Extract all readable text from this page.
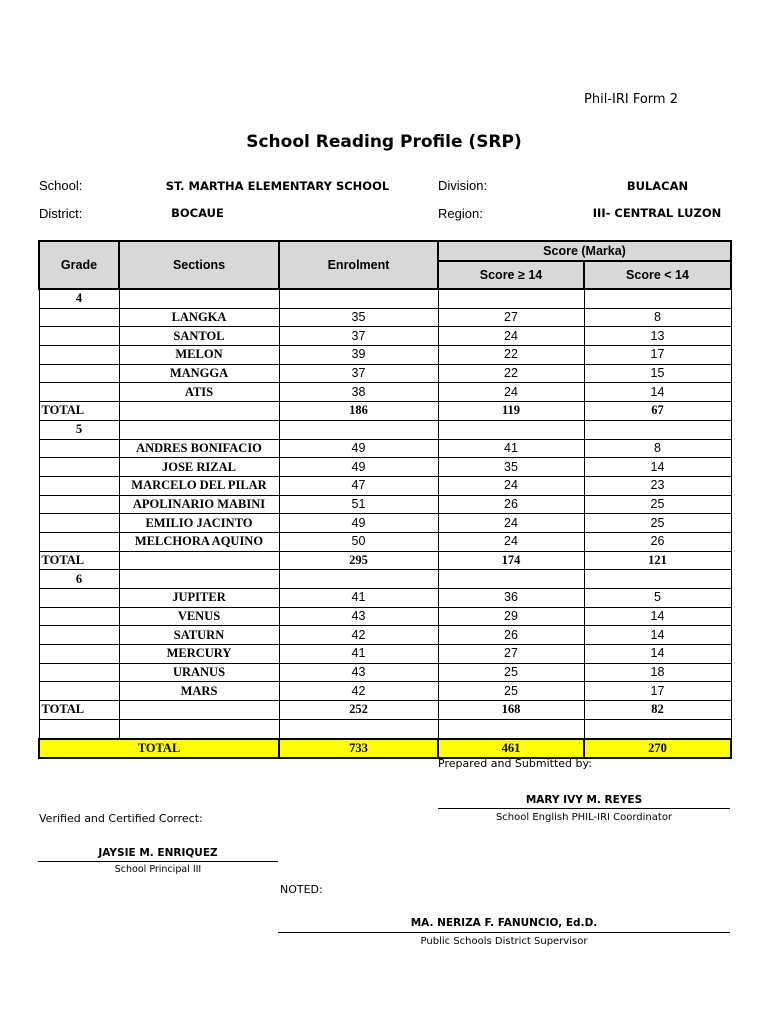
Phil-IRI Form 2
School Reading Profile (SRP)
School:	ST. MARTHA ELEMENTARY SCHOOL	Division:	BULACAN
District:	BOCAUE	Region:	III- CENTRAL LUZON
Grade	Sections	Enrolment	Score (Marka)	
			Score ≥ 14	Score < 14
4				
	LANGKA	35	27	8
	SANTOL	37	24	13
	MELON	39	22	17
	MANGGA	37	22	15
	ATIS	38	24	14
TOTAL		186	119	67
5				
	ANDRES BONIFACIO	49	41	8
	JOSE RIZAL	49	35	14
	MARCELO DEL PILAR	47	24	23
	APOLINARIO MABINI	51	26	25
	EMILIO JACINTO	49	24	25
	MELCHORA AQUINO	50	24	26
TOTAL		295	174	121
6				
	JUPITER	41	36	5
	VENUS	43	29	14
	SATURN	42	26	14
	MERCURY	41	27	14
	URANUS	43	25	18
	MARS	42	25	17
TOTAL		252	168	82

TOTAL		733	461	270
Prepared and Submitted by:
MARY IVY M. REYES
School English PHIL-IRI Coordinator
Verified and Certified Correct:
JAYSIE M. ENRIQUEZ
School Principal III
NOTED:
MA. NERIZA F. FANUNCIO, Ed.D.
Public Schools District Supervisor
